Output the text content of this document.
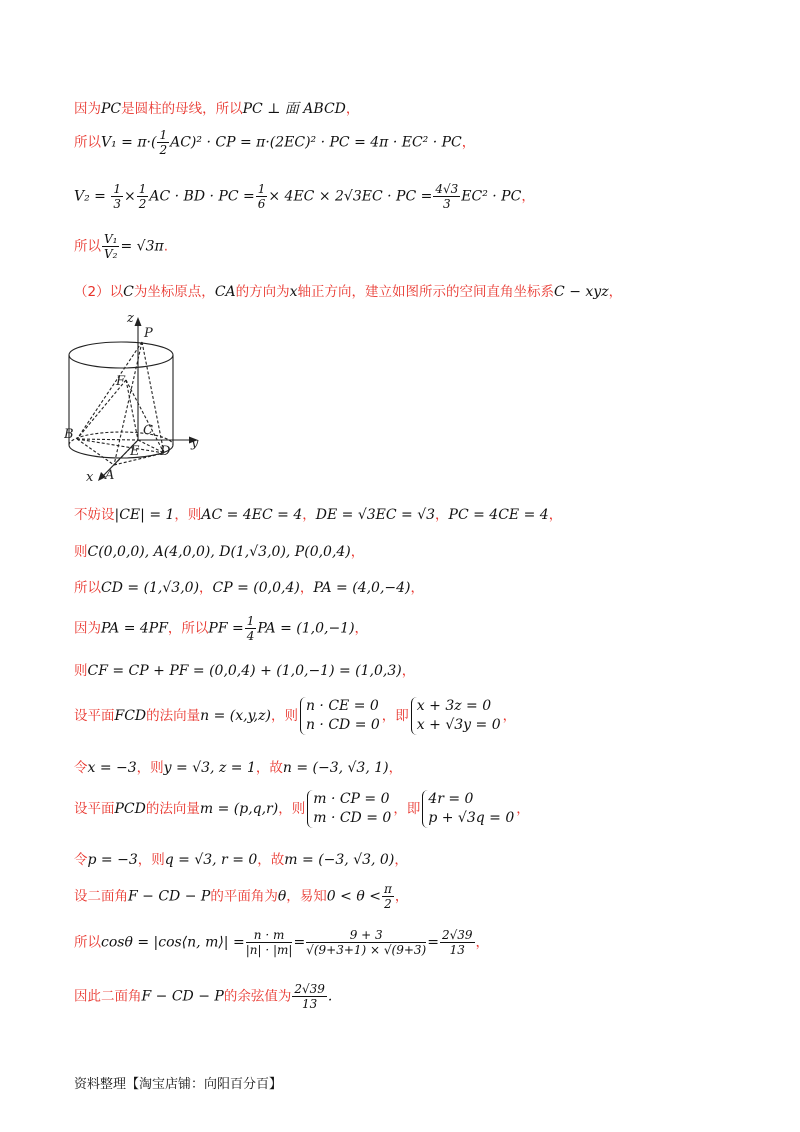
因为PC是圆柱的母线，所以PC ⊥ 面 ABCD，
所以$V_1 = \pi\cdot( \frac{1}{2} AC)^2$ · CP = π·(2EC)² · PC = 4π · EC² · PC，
$V_2 = \frac{1}{3} \times \frac{1}{2}$ AC · BD · PC = $\frac{1}{6} \times 4EC \times 2√3EC$ · PC = $\frac{4√3}{3} EC^2$ · PC，
所以 $\frac{\text{V₁}}{\text{V₂}} = √3\pi$.
（2）以C为坐标原点，CA的方向为x轴正方向，建立如图所示的空间直角坐标系C − xyz，
z
P
F
B	C
E D
y
x A
不妨设|CE| = 1，则AC = 4EC = 4，DE = √3EC = √3，PC = 4CE = 4，
则C(0,0,0), A(4,0,0), D(1,√3,0), P(0,0,4)，
所以CD = (1,√3,0)，CP = (0,0,4)，PA = (4,0,−4)，
因为PA = 4PF，所以PF = $\frac{1}{4}$ PA = (1,0,−1)，
则CF = CP + PF = (0,0,4) + (1,0,−1) = (1,0,3)，
设平面FCD的法向量n = (x,y,z)，则
n · CE = 0
n · CD = 0
，即
x + 3z = 0
x + √3y = 0
，
令x = −3，则y = √3, z = 1，故n = (−3, √3, 1)，
设平面PCD的法向量m = (p,q,r)，则
m · CP = 0
m · CD = 0
，即
4r = 0
p + √3q = 0
，
令p = −3，则q = √3, r = 0，故m = (−3, √3, 0)，
设二面角F − CD − P的平面角为θ，易知$0 < \theta < \frac{\pi}{2}$ ，
所以cosθ = |cos⟨n, m⟩| = $\frac{n \cdot m}{|n| \cdot |m|} = \frac{9 + 3}{√(9+3+1) \times √(9+3)} = \frac{2√39}{13}$ ，
因此二面角F − CD − P的余弦值为 $\frac{2√39}{13}$ .
资料整理【淘宝店铺：向阳百分百】
